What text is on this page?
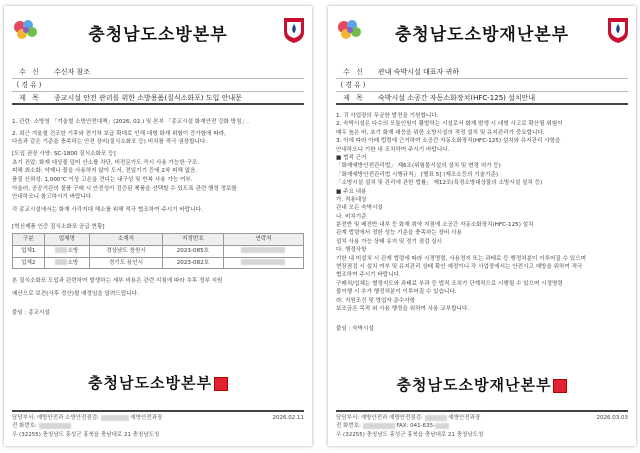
충청남도소방본부
수 신	수신자 참조
(경유)
제 목	종교시설 안전 관리를 위한 소방용품(질식소화포) 도입 안내문

1. 관련: 소방청 「겨울철 소방안전대책」(2026. 02.) 및 본부 「종교시설 화재안전 강화 방침」.

2. 최근 겨울철 건조한 기후와 전기차 보급 확대로 인해 대형 화재 위험이 증가함에 따라,

다음과 같은 기준을 충족하는 안전 장비(질식소화포 등) 비치를 적극 권장합니다.

[도입 권장 사양: SC-1800 질식소화포 등]

초기 진압: 화재 대상물 덮어 산소를 차단, 비전문가도 즉시 사용 가능한 구조.

피해 최소화: 약제나 물을 사용하지 않아 도서, 전일기기 등에 2차 피해 없음.

품질 신뢰성: 1,000℃ 이상 고온을 견디는 내구성 및 반복 사용 가능 여부.

아울러, 공공기관의 물품 구매 시 안전성이 검증된 제품을 선택할 수 있도록 관련 행정 정보를

안내하오니 참고하시기 바랍니다.

각 종교시설에서는 화재 사각지대 해소를 위해 적극 협조하여 주시기 바랍니다.

[혁신제품 인증 질식소화포 공급 현황]

구분	업체명	소재지	지정번호	연락처
업체1	소방	경상남도 창원시	2023-085호	
업체2	소방	경기도 용인시	2023-082호	

본 질식소화포 도입과 관련하여 발생하는 세부 비용은 관련 지침에 따라 추후 정부 지원

예산으로 보전(사후 정산)될 예정임을 알려드립니다.

붙임 : 종교시설

충청남도소방본부

담당부서: 예방안전과 소방안전점검:	예방안전과장	2026.02.11

전 화번호:

우 (32255) 충청남도 홍성군 홍북읍 충남대로 21 충청남도청

충청남도소방재난본부
수 신	관내 숙박시설 대표자 귀하
(경유)
제 목	숙박시설 소공간 자동소화장치(HFC-125) 설치안내

1. 귀 사업장의 무궁한 발전을 기원합니다.

2. 숙박시설은 다수의 모듈인원이 활발하는 시설로서 화재 발생 시 대형 사고로 확산될 위험이

매우 높은 바, 초기 화재 대응을 위한 소방시설의 적정 설치 및 유지관리가 중요합니다.

3. 이에 따라 아래 법령에 근거하여 소공간 자동소화장치(HFC-125) 설치와 유지관리 사항을

안내하오니 기한 내 조치하여 주시기 바랍니다.

■ 법적 근거

「화재예방안전관리법」 제6조(위험물시설의 설치 및 변경 허가 등)

「화재예방안전관리법 시행규칙」 [별표 5] (제조소등의 기술기준)

「소방시설 설치 및 관리에 관한 법률」 제12조(특정소방대상물의 소방시설 설치 등)

■ 주요 내용

가. 적용대상

관내 모든 숙박시설

나. 비치기준

분전반 및 배전반 내부 등 화재 취약 지점에 소공간 자동소화장치(HFC-125) 설치

관계 법령에서 정한 성능 기준을 충족하는 장비 사용

설치 사용 가능 상태 유지 및 정기 점검 실시

다. 행정사항

기한 내 미설치 시 관계 법령에 따라 시정명령, 사용정지 또는 과태료 등 행정처분이 이루어질 수 있으며

현장점검 시 설치 여부 및 유지관리 상태 확인 예정이니 각 사업장에서는 안전시고 예방을 위하여 적극

협조하여 주시기 바랍니다.

구매처/업체는 별정지도와 과태료 부과 등 법적 조치가 단계적으로 시행될 수 있으며 시정명령

불이행 시 추가 행정처분이 이루어질 수 있습니다.

라. 지원조건 및 영업자 준수사항

보조금은 목적 외 사용 행정을 위하여 사용 교부합니다.

붙임 : 숙박시설

충청남도소방재난본부

담당부서: 예방안전과 예방안전점검:	예방안전과장	2026.03.03

전 화번호:	FAX: 041-635-

우 (32255) 충청남도 홍성군 홍북읍 충남대로 21 충청남도청
